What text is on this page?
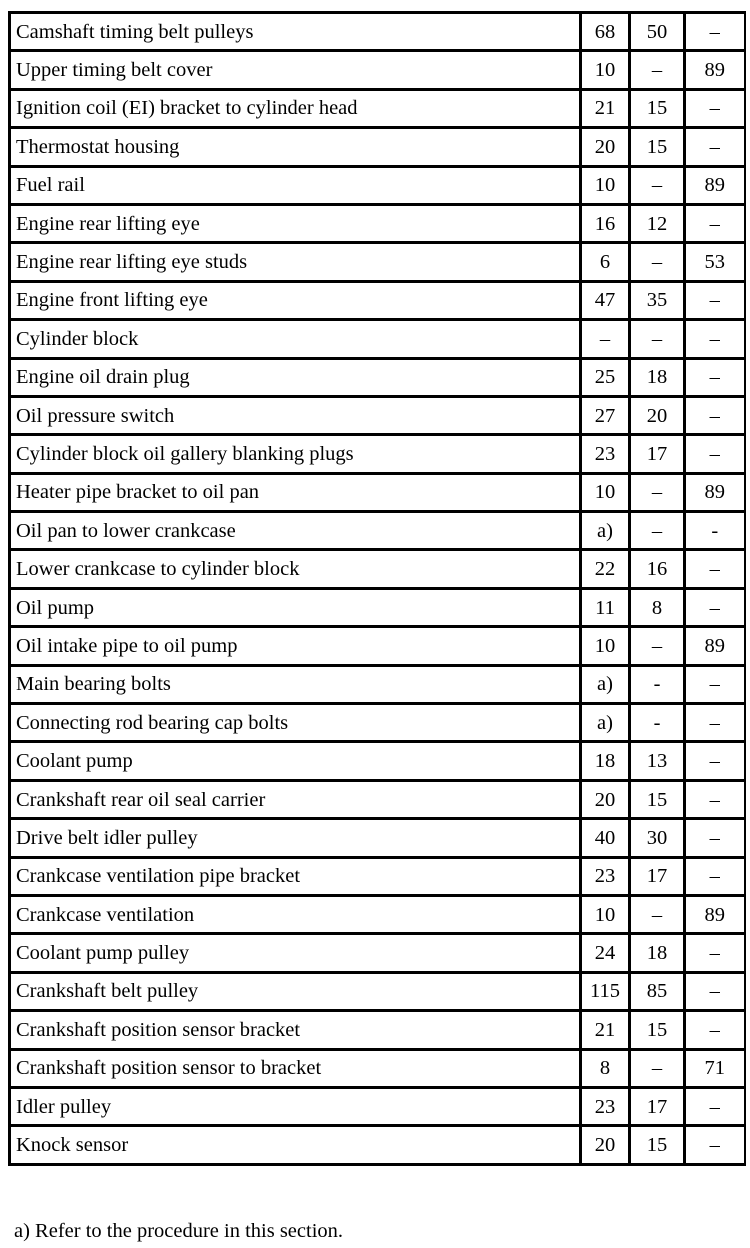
Camshaft timing belt pulleys	68	50	–
Upper timing belt cover	10	–	89
Ignition coil (EI) bracket to cylinder head	21	15	–
Thermostat housing	20	15	–
Fuel rail	10	–	89
Engine rear lifting eye	16	12	–
Engine rear lifting eye studs	6	–	53
Engine front lifting eye	47	35	–
Cylinder block	–	–	–
Engine oil drain plug	25	18	–
Oil pressure switch	27	20	–
Cylinder block oil gallery blanking plugs	23	17	–
Heater pipe bracket to oil pan	10	–	89
Oil pan to lower crankcase	a)	–	-
Lower crankcase to cylinder block	22	16	–
Oil pump	11	8	–
Oil intake pipe to oil pump	10	–	89
Main bearing bolts	a)	-	–
Connecting rod bearing cap bolts	a)	-	–
Coolant pump	18	13	–
Crankshaft rear oil seal carrier	20	15	–
Drive belt idler pulley	40	30	–
Crankcase ventilation pipe bracket	23	17	–
Crankcase ventilation	10	–	89
Coolant pump pulley	24	18	–
Crankshaft belt pulley	115	85	–
Crankshaft position sensor bracket	21	15	–
Crankshaft position sensor to bracket	8	–	71
Idler pulley	23	17	–
Knock sensor	20	15	–
a) Refer to the procedure in this section.
